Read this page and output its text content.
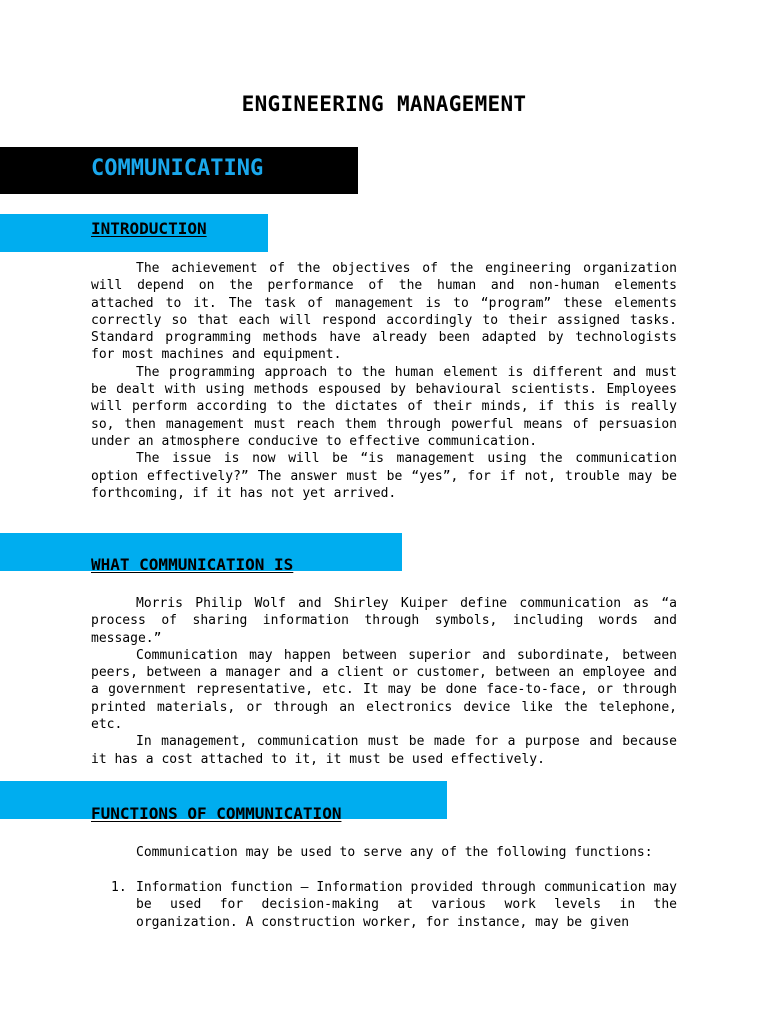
ENGINEERING MANAGEMENT
COMMUNICATING
INTRODUCTION

The achievement of the objectives of the engineering organization will depend on the performance of the human and non-human elements attached to it. The task of management is to “program” these elements correctly so that each will respond accordingly to their assigned tasks. Standard programming methods have already been adapted by technologists for most machines and equipment.

The programming approach to the human element is different and must be dealt with using methods espoused by behavioural scientists. Employees will perform according to the dictates of their minds, if this is really so, then management must reach them through powerful means of persuasion under an atmosphere conducive to effective communication.

The issue is now will be “is management using the communication option effectively?” The answer must be “yes”, for if not, trouble may be forthcoming, if it has not yet arrived.

WHAT COMMUNICATION IS

Morris Philip Wolf and Shirley Kuiper define communication as “a process of sharing information through symbols, including words and message.”

Communication may happen between superior and subordinate, between peers, between a manager and a client or customer, between an employee and a government representative, etc. It may be done face-to-face, or through printed materials, or through an electronics device like the telephone, etc.

In management, communication must be made for a purpose and because it has a cost attached to it, it must be used effectively.

FUNCTIONS OF COMMUNICATION

Communication may be used to serve any of the following functions:

1. Information function – Information provided through communication may be used for decision-making at various work levels in the organization. A construction worker, for instance, may be given
